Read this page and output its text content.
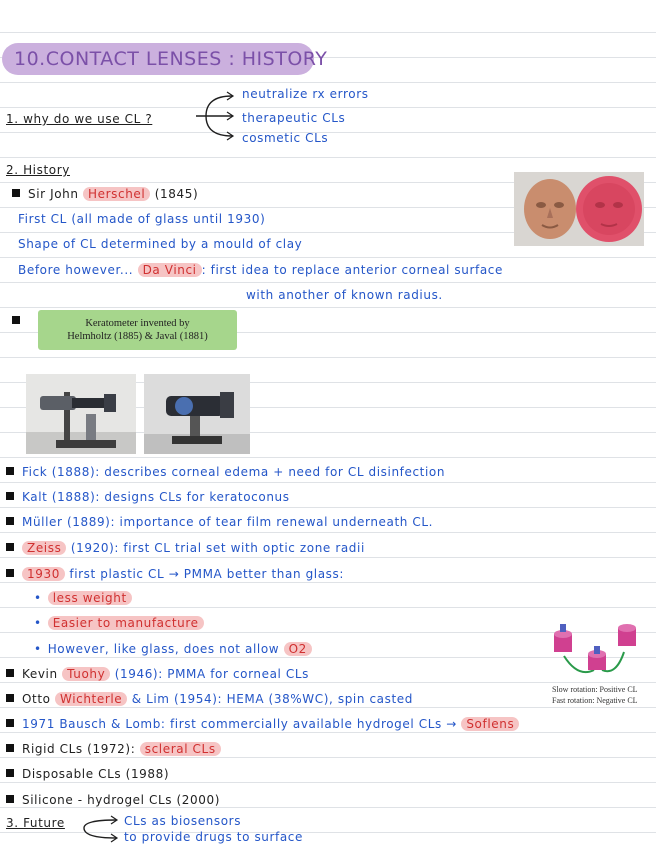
10.CONTACT LENSES : HISTORY
1. why do we use CL ?
neutralize rx errors
therapeutic CLs
cosmetic CLs
2. History
Sir John Herschel (1845)
First CL (all made of glass until 1930)
Shape of CL determined by a mould of clay
Before however... Da Vinci : first idea to replace anterior corneal surface
with another of known radius.
Keratometer invented by
Helmholtz (1885) & Javal (1881)
Fick (1888): describes corneal edema + need for CL disinfection
Kalt (1888): designs CLs for keratoconus
Müller (1889): importance of tear film renewal underneath CL.
Zeiss (1920): first CL trial set with optic zone radii
1930 first plastic CL → PMMA better than glass:
• less weight
• Easier to manufacture
• However, like glass, does not allow O2
Slow rotation: Positive CL
Fast rotation: Negative CL
Kevin Tuohy (1946): PMMA for corneal CLs
Otto Wichterle & Lim (1954): HEMA (38%WC), spin casted
1971 Bausch & Lomb: first commercially available hydrogel CLs → Soflens
Rigid CLs (1972): scleral CLs
Disposable CLs (1988)
Silicone - hydrogel CLs (2000)
3. Future	CLs as biosensors
to provide drugs to surface
